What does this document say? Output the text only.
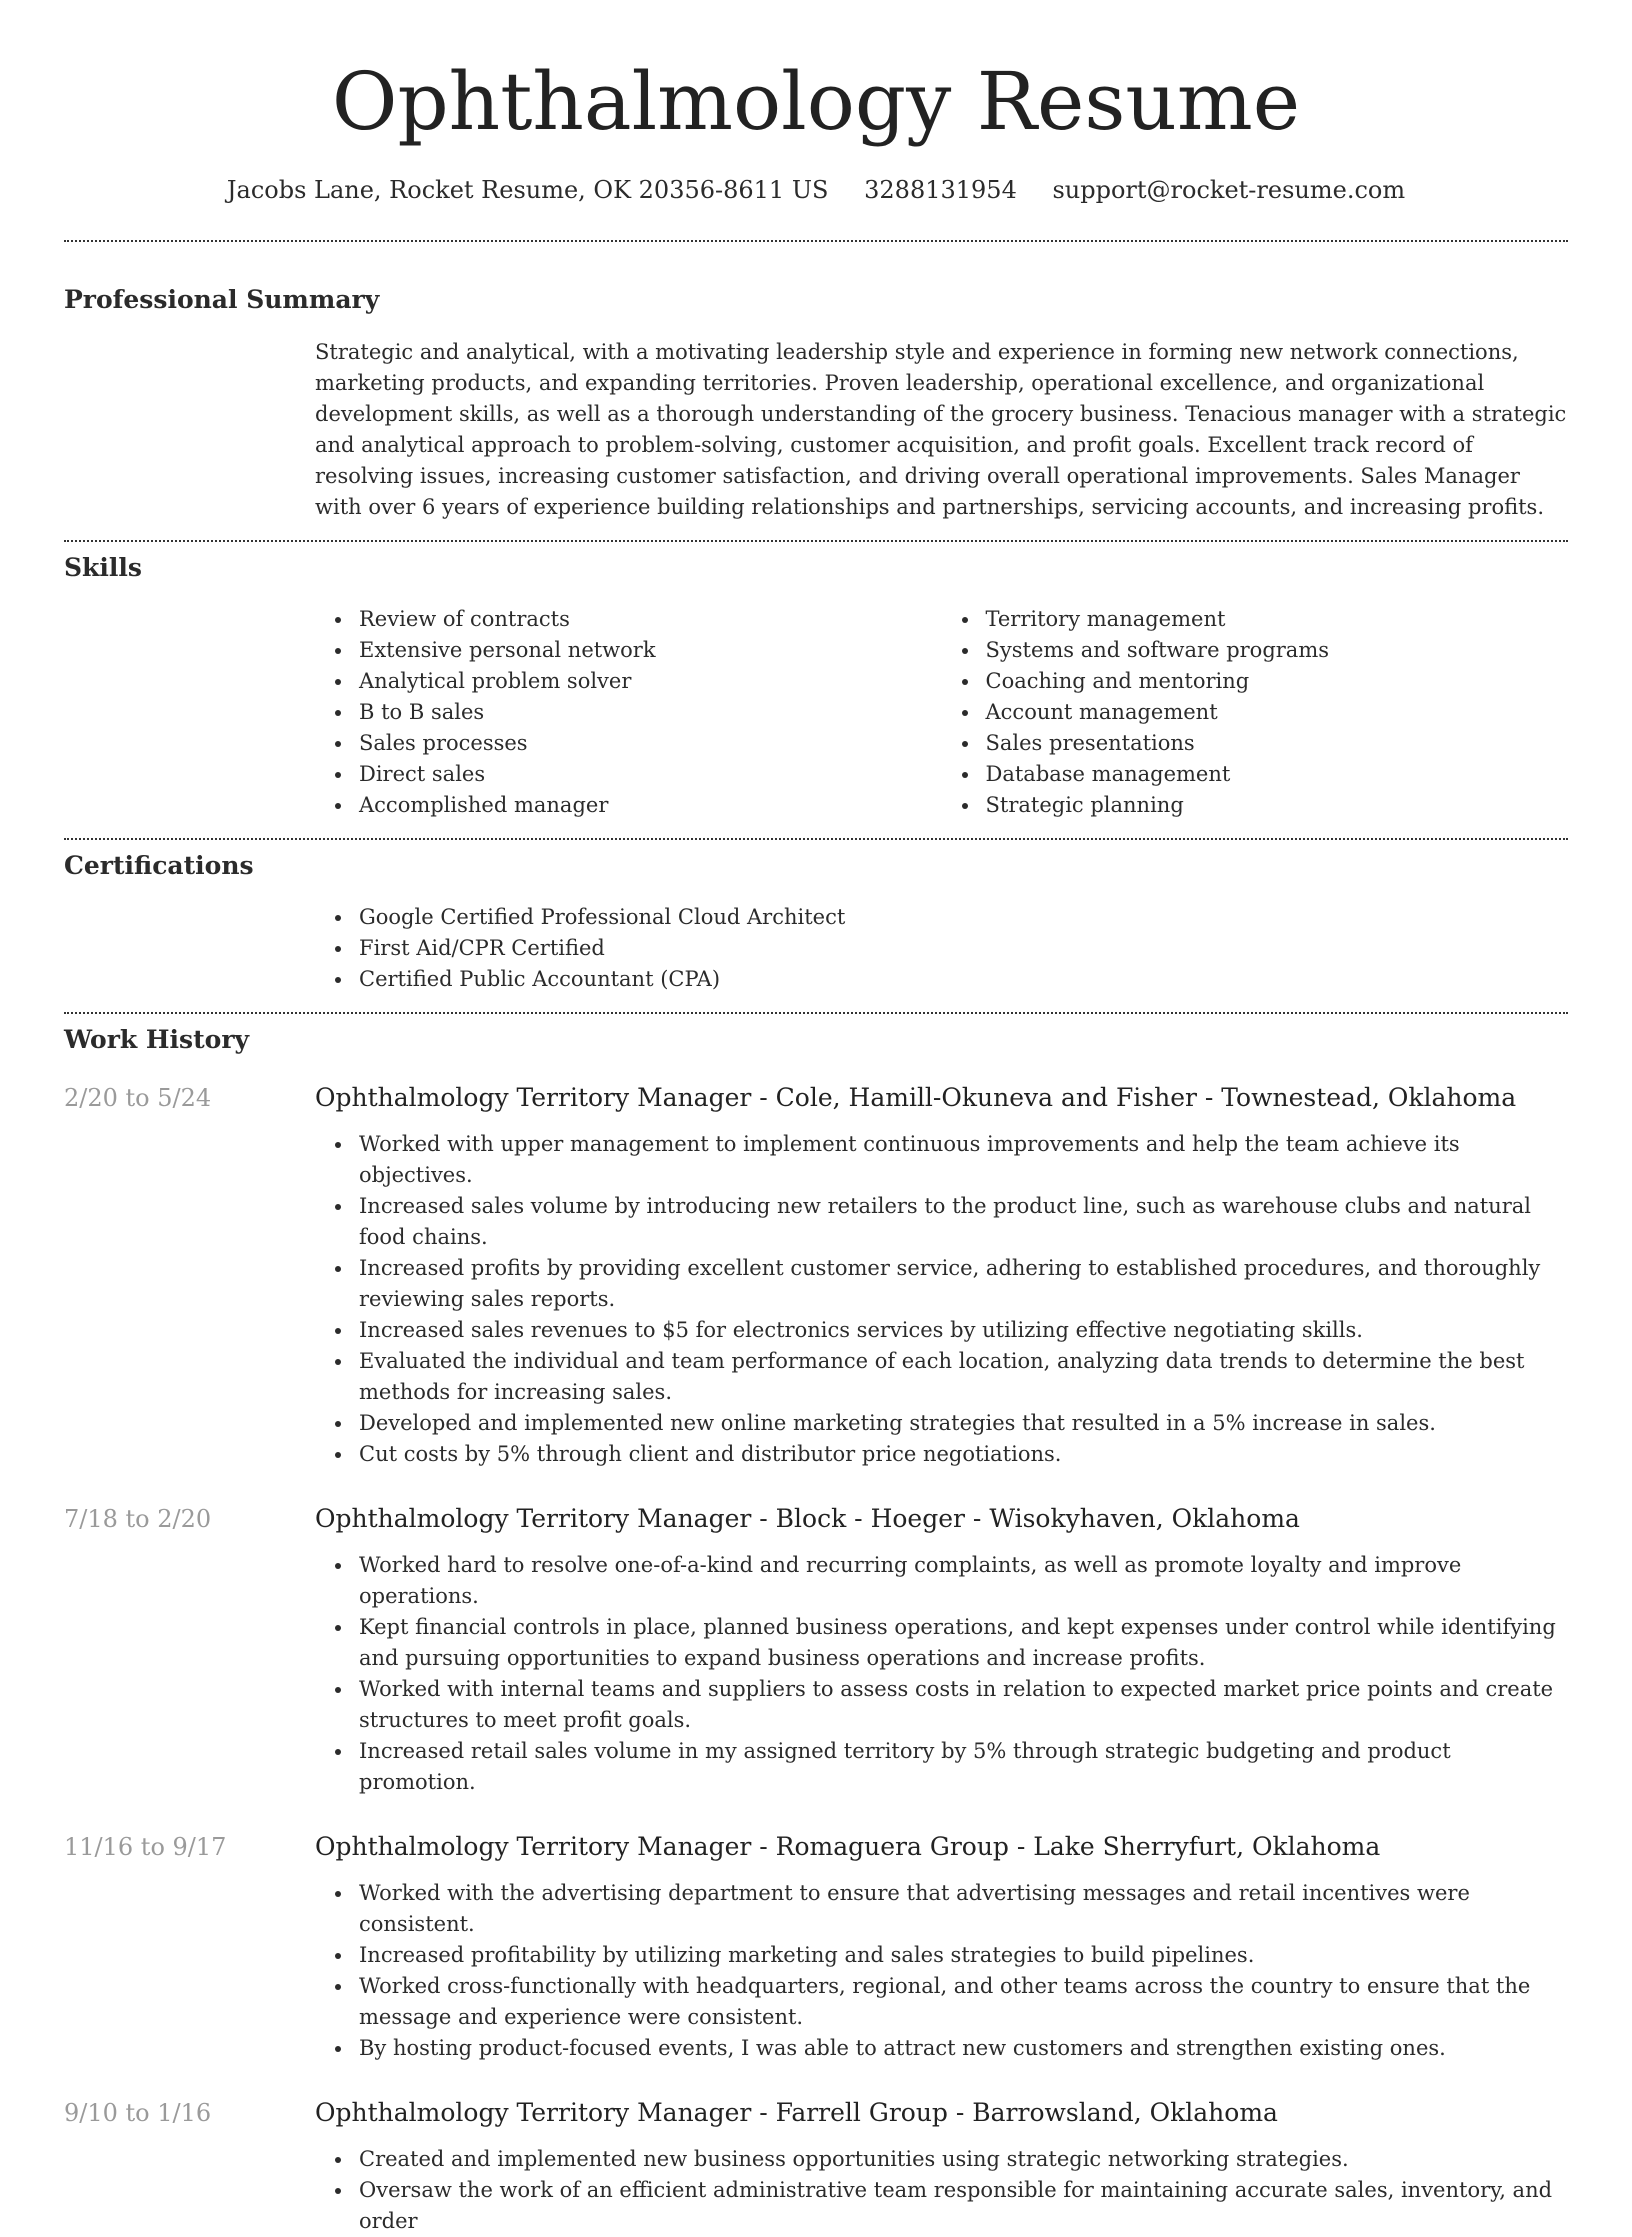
Ophthalmology Resume
Jacobs Lane, Rocket Resume, OK 20356-8611 US 3288131954 support@rocket-resume.com
Professional Summary
Strategic and analytical, with a motivating leadership style and experience in forming new network connections, marketing products, and expanding territories. Proven leadership, operational excellence, and organizational development skills, as well as a thorough understanding of the grocery business. Tenacious manager with a strategic and analytical approach to problem-solving, customer acquisition, and profit goals. Excellent track record of resolving issues, increasing customer satisfaction, and driving overall operational improvements. Sales Manager with over 6 years of experience building relationships and partnerships, servicing accounts, and increasing profits.
Skills
Review of contracts
Extensive personal network
Analytical problem solver
B to B sales
Sales processes
Direct sales
Accomplished manager
Territory management
Systems and software programs
Coaching and mentoring
Account management
Sales presentations
Database management
Strategic planning
Certifications
Google Certified Professional Cloud Architect
First Aid/CPR Certified
Certified Public Accountant (CPA)
Work History
2/20 to 5/24	Ophthalmology Territory Manager - Cole, Hamill-Okuneva and Fisher - Townestead, Oklahoma
Worked with upper management to implement continuous improvements and help the team achieve its objectives.
Increased sales volume by introducing new retailers to the product line, such as warehouse clubs and natural food chains.
Increased profits by providing excellent customer service, adhering to established procedures, and thoroughly reviewing sales reports.
Increased sales revenues to $5 for electronics services by utilizing effective negotiating skills.
Evaluated the individual and team performance of each location, analyzing data trends to determine the best methods for increasing sales.
Developed and implemented new online marketing strategies that resulted in a 5% increase in sales.
Cut costs by 5% through client and distributor price negotiations.
7/18 to 2/20	Ophthalmology Territory Manager - Block - Hoeger - Wisokyhaven, Oklahoma
Worked hard to resolve one-of-a-kind and recurring complaints, as well as promote loyalty and improve operations.
Kept financial controls in place, planned business operations, and kept expenses under control while identifying and pursuing opportunities to expand business operations and increase profits.
Worked with internal teams and suppliers to assess costs in relation to expected market price points and create structures to meet profit goals.
Increased retail sales volume in my assigned territory by 5% through strategic budgeting and product promotion.
11/16 to 9/17	Ophthalmology Territory Manager - Romaguera Group - Lake Sherryfurt, Oklahoma
Worked with the advertising department to ensure that advertising messages and retail incentives were consistent.
Increased profitability by utilizing marketing and sales strategies to build pipelines.
Worked cross-functionally with headquarters, regional, and other teams across the country to ensure that the message and experience were consistent.
By hosting product-focused events, I was able to attract new customers and strengthen existing ones.
9/10 to 1/16	Ophthalmology Territory Manager - Farrell Group - Barrowsland, Oklahoma
Created and implemented new business opportunities using strategic networking strategies.
Oversaw the work of an efficient administrative team responsible for maintaining accurate sales, inventory, and order
